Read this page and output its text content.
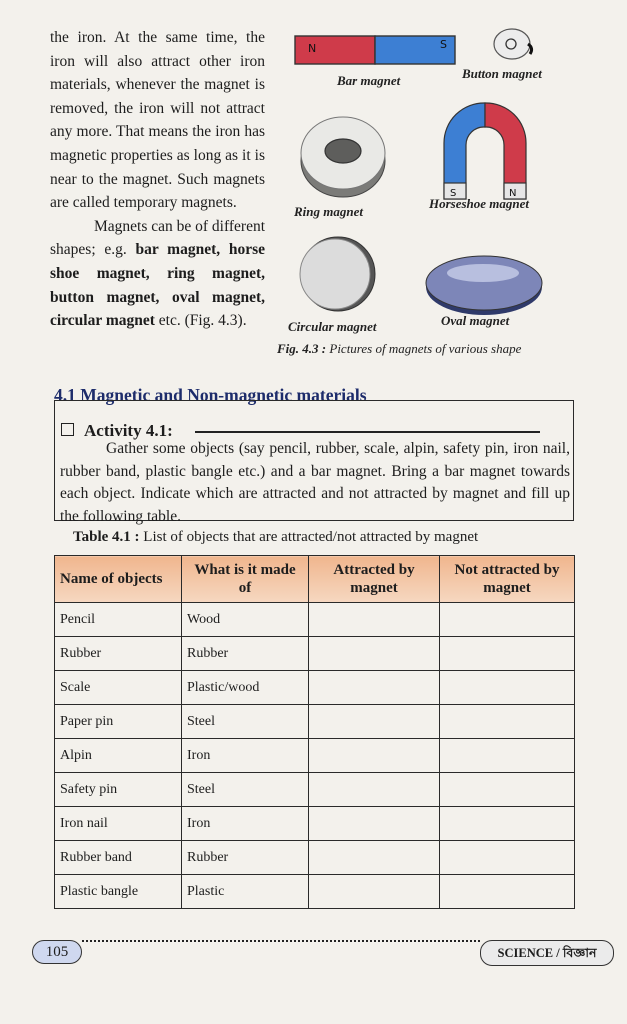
the iron. At the same time, the iron will also attract other iron materials, whenever the magnet is removed, the iron will not attract any more. That means the iron has magnetic properties as long as it is near to the magnet. Such magnets are called temporary magnets.

Magnets can be of different shapes; e.g. bar magnet, horse shoe magnet, ring magnet, button magnet, oval magnet, circular magnet etc. (Fig. 4.3).

N	S
Bar magnet	Button magnet
Ring magnet
S	N
Horseshoe magnet
Circular magnet	Oval magnet
Fig. 4.3 : Pictures of magnets of various shape
4.1 Magnetic and Non-magnetic materials
Activity 4.1:

Gather some objects (say pencil, rubber, scale, alpin, safety pin, iron nail, rubber band, plastic bangle etc.) and a bar magnet. Bring a bar magnet towards each object. Indicate which are attracted and not attracted by magnet and fill up the following table.

Table 4.1 : List of objects that are attracted/not attracted by magnet
Name of objects	What is it made of	Attracted by magnet	Not attracted by magnet
Pencil	Wood		
Rubber	Rubber		
Scale	Plastic/wood		
Paper pin	Steel		
Alpin	Iron		
Safety pin	Steel		
Iron nail	Iron		
Rubber band	Rubber		
Plastic bangle	Plastic		
105	SCIENCE / বিজ্ঞান
